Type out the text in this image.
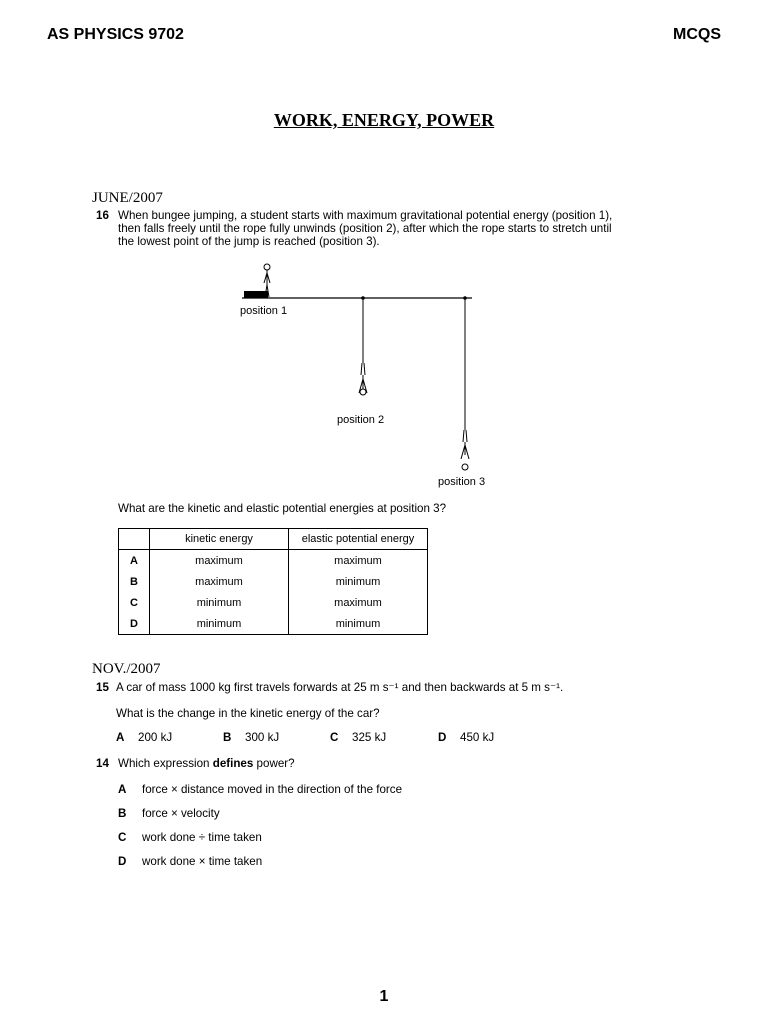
AS PHYSICS 9702	MCQS
WORK, ENERGY, POWER
JUNE/2007
16 When bungee jumping, a student starts with maximum gravitational potential energy (position 1),
then falls freely until the rope fully unwinds (position 2), after which the rope starts to stretch until
the lowest point of the jump is reached (position 3).
position 1
position 2
position 3
What are the kinetic and elastic potential energies at position 3?
	kinetic energy	elastic potential energy
A	maximum	maximum
B	maximum	minimum
C	minimum	maximum
D	minimum	minimum
NOV./2007
15 A car of mass 1000 kg first travels forwards at 25 m s⁻¹ and then backwards at 5 m s⁻¹.
What is the change in the kinetic energy of the car?
A 200 kJ	B 300 kJ	C 325 kJ	D 450 kJ
14 Which expression defines power?
A force × distance moved in the direction of the force
B force × velocity
C work done ÷ time taken
D work done × time taken
1
